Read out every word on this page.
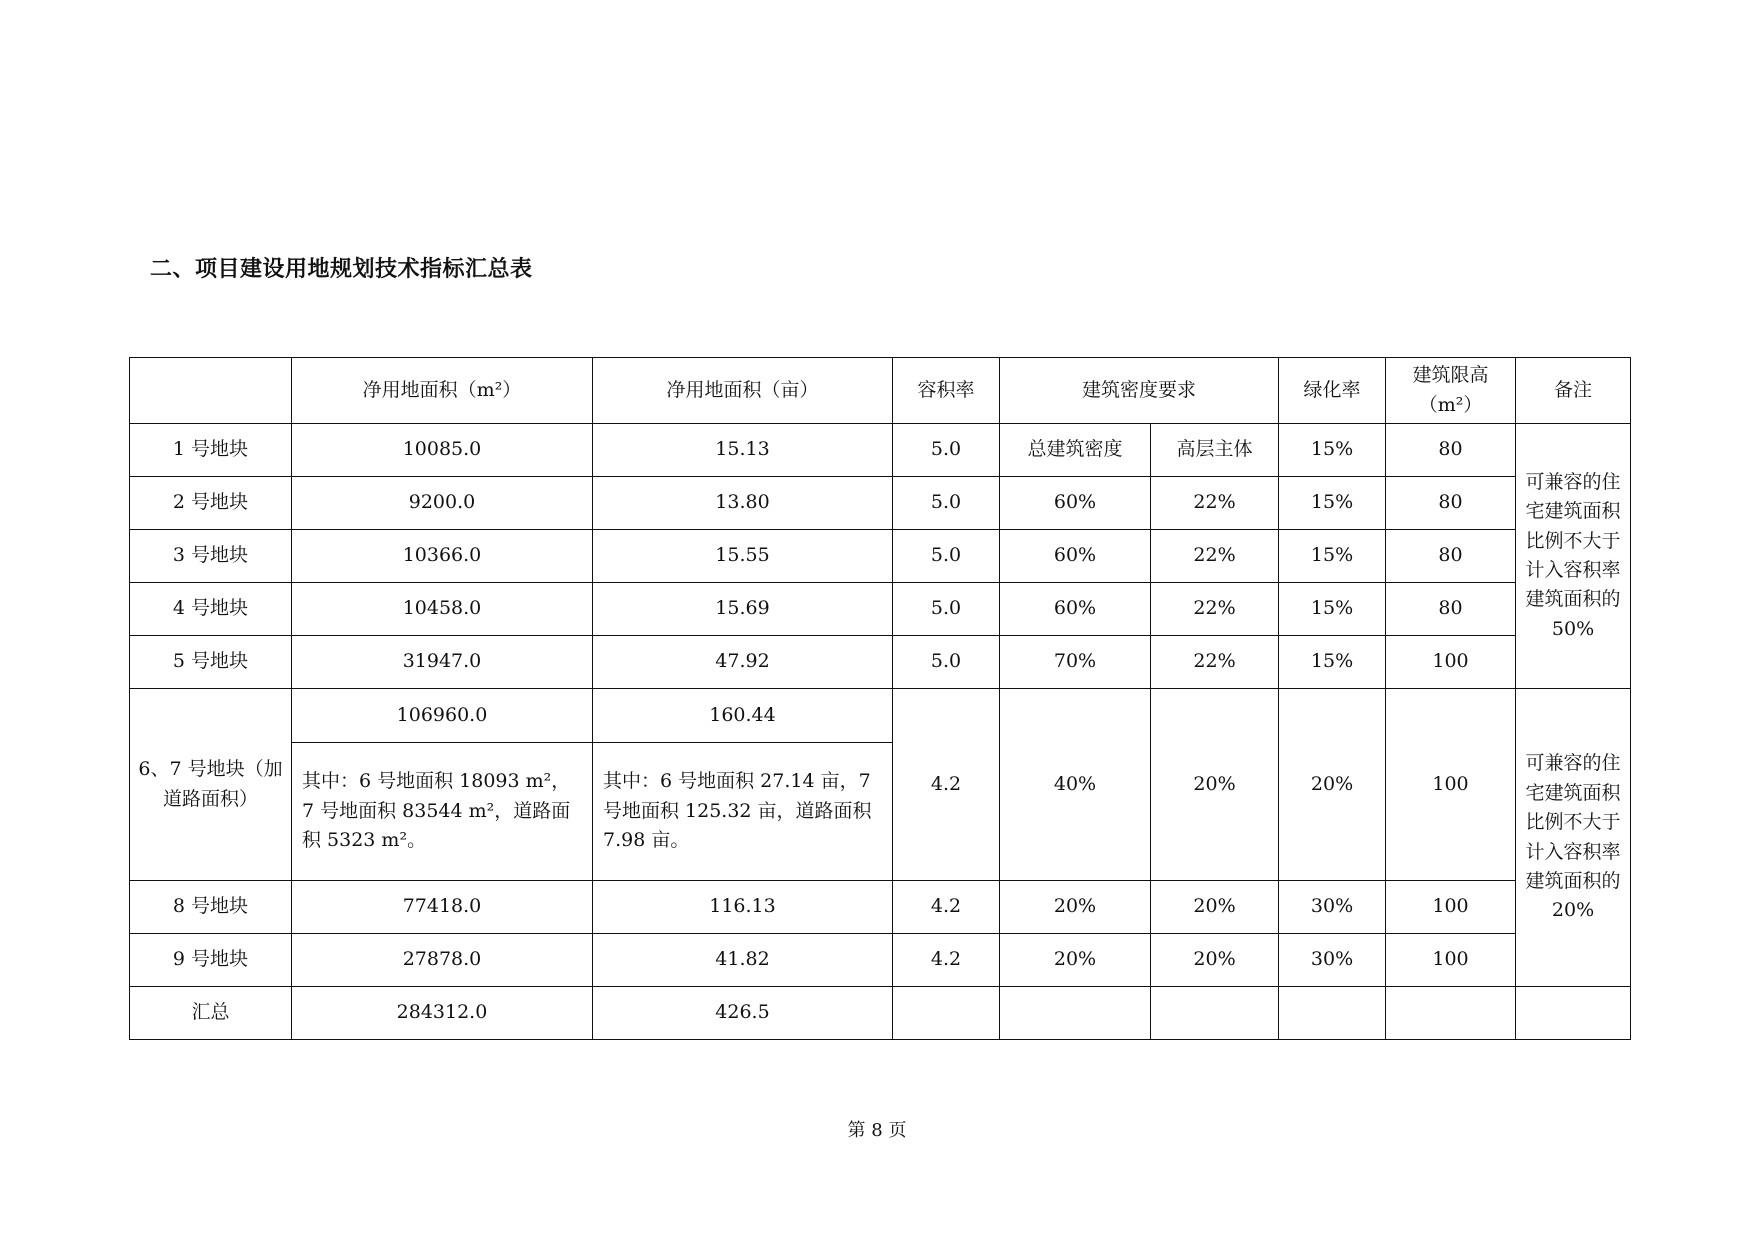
二、项目建设用地规划技术指标汇总表
	净用地面积（m²）	净用地面积（亩）	容积率	建筑密度要求		绿化率	建筑限高（m²）	备注
1 号地块	10085.0	15.13	5.0	总建筑密度	高层主体	15%	80	可兼容的住宅建筑面积比例不大于计入容积率建筑面积的 50%
2 号地块	9200.0	13.80	5.0	60%	22%	15%	80	
3 号地块	10366.0	15.55	5.0	60%	22%	15%	80	
4 号地块	10458.0	15.69	5.0	60%	22%	15%	80	
5 号地块	31947.0	47.92	5.0	70%	22%	15%	100	
6、7 号地块（加道路面积）	106960.0	160.44	4.2	40%	20%	20%	100	可兼容的住宅建筑面积比例不大于计入容积率建筑面积的 20%
	其中：6 号地面积 18093 m²，7 号地面积 83544 m²，道路面积 5323 m²。	其中：6 号地面积 27.14 亩，7 号地面积 125.32 亩，道路面积 7.98 亩。						
8 号地块	77418.0	116.13	4.2	20%	20%	30%	100	
9 号地块	27878.0	41.82	4.2	20%	20%	30%	100	
汇总	284312.0	426.5						
第 8 页
